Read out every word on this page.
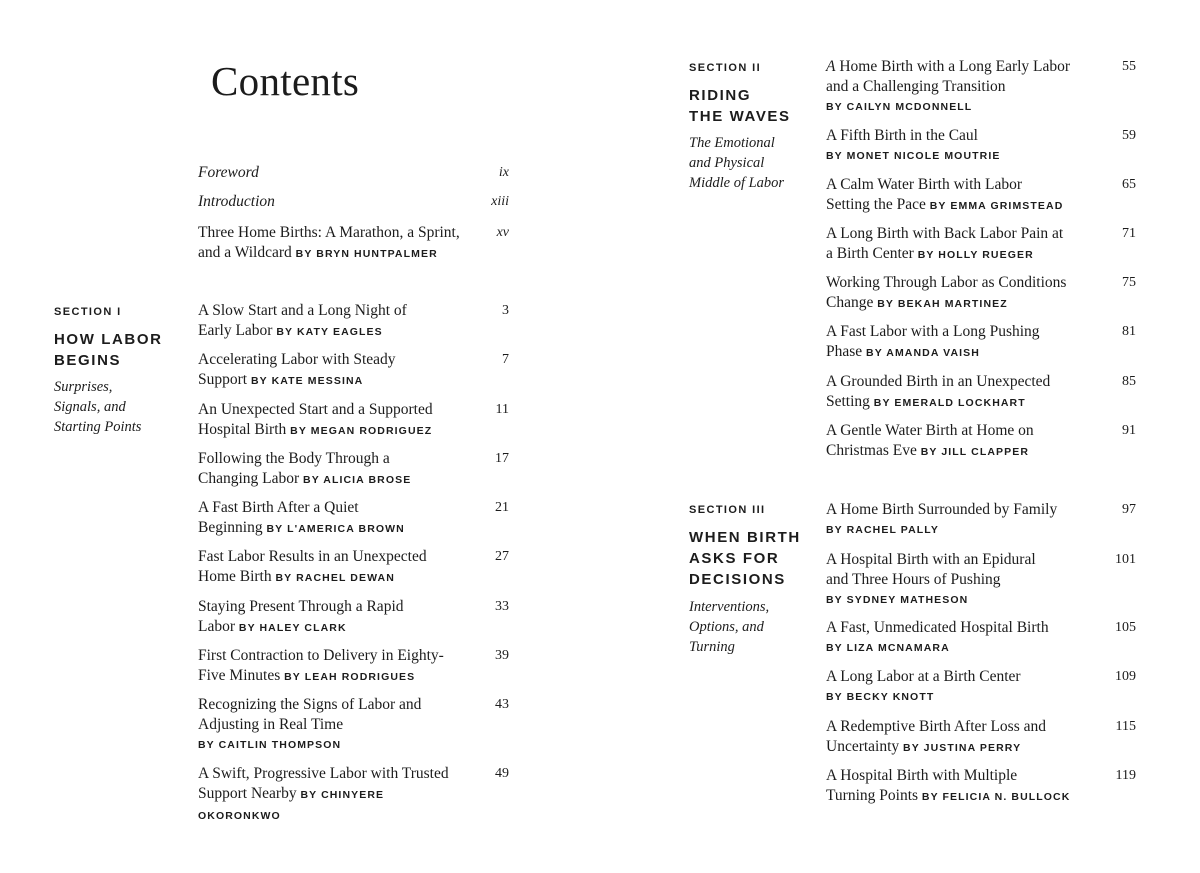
Contents
Foreword	ix
Introduction	xiii
Three Home Births: A Marathon, a Sprint,
and a Wildcard BY BRYN HUNTPALMER
xv
SECTION I
HOW LABOR
BEGINS
Surprises,
Signals, and
Starting Points
SECTION II
RIDING
THE WAVES
The Emotional
and Physical
Middle of Labor
SECTION III
WHEN BIRTH
ASKS FOR
DECISIONS
Interventions,
Options, and
Turning
A Slow Start and a Long Night of
Early Labor BY KATY EAGLES
3
Accelerating Labor with Steady
Support BY KATE MESSINA
7
An Unexpected Start and a Supported
Hospital Birth BY MEGAN RODRIGUEZ
11
Following the Body Through a
Changing Labor BY ALICIA BROSE
17
A Fast Birth After a Quiet
Beginning BY L'AMERICA BROWN
21
Fast Labor Results in an Unexpected
Home Birth BY RACHEL DEWAN
27
Staying Present Through a Rapid
Labor BY HALEY CLARK
33
First Contraction to Delivery in Eighty-
Five Minutes BY LEAH RODRIGUES
39
Recognizing the Signs of Labor and
Adjusting in Real Time
BY CAITLIN THOMPSON
43
A Swift, Progressive Labor with Trusted
Support Nearby BY CHINYERE OKORONKWO
49
A Home Birth with a Long Early Labor
and a Challenging Transition
BY CAILYN MCDONNELL
55
A Fifth Birth in the Caul
BY MONET NICOLE MOUTRIE
59
A Calm Water Birth with Labor
Setting the Pace BY EMMA GRIMSTEAD
65
A Long Birth with Back Labor Pain at
a Birth Center BY HOLLY RUEGER
71
Working Through Labor as Conditions
Change BY BEKAH MARTINEZ
75
A Fast Labor with a Long Pushing
Phase BY AMANDA VAISH
81
A Grounded Birth in an Unexpected
Setting BY EMERALD LOCKHART
85
A Gentle Water Birth at Home on
Christmas Eve BY JILL CLAPPER
91
A Home Birth Surrounded by Family
BY RACHEL PALLY
97
A Hospital Birth with an Epidural
and Three Hours of Pushing
BY SYDNEY MATHESON
101
A Fast, Unmedicated Hospital Birth
BY LIZA MCNAMARA
105
A Long Labor at a Birth Center
BY BECKY KNOTT
109
A Redemptive Birth After Loss and
Uncertainty BY JUSTINA PERRY
115
A Hospital Birth with Multiple
Turning Points BY FELICIA N. BULLOCK
119
